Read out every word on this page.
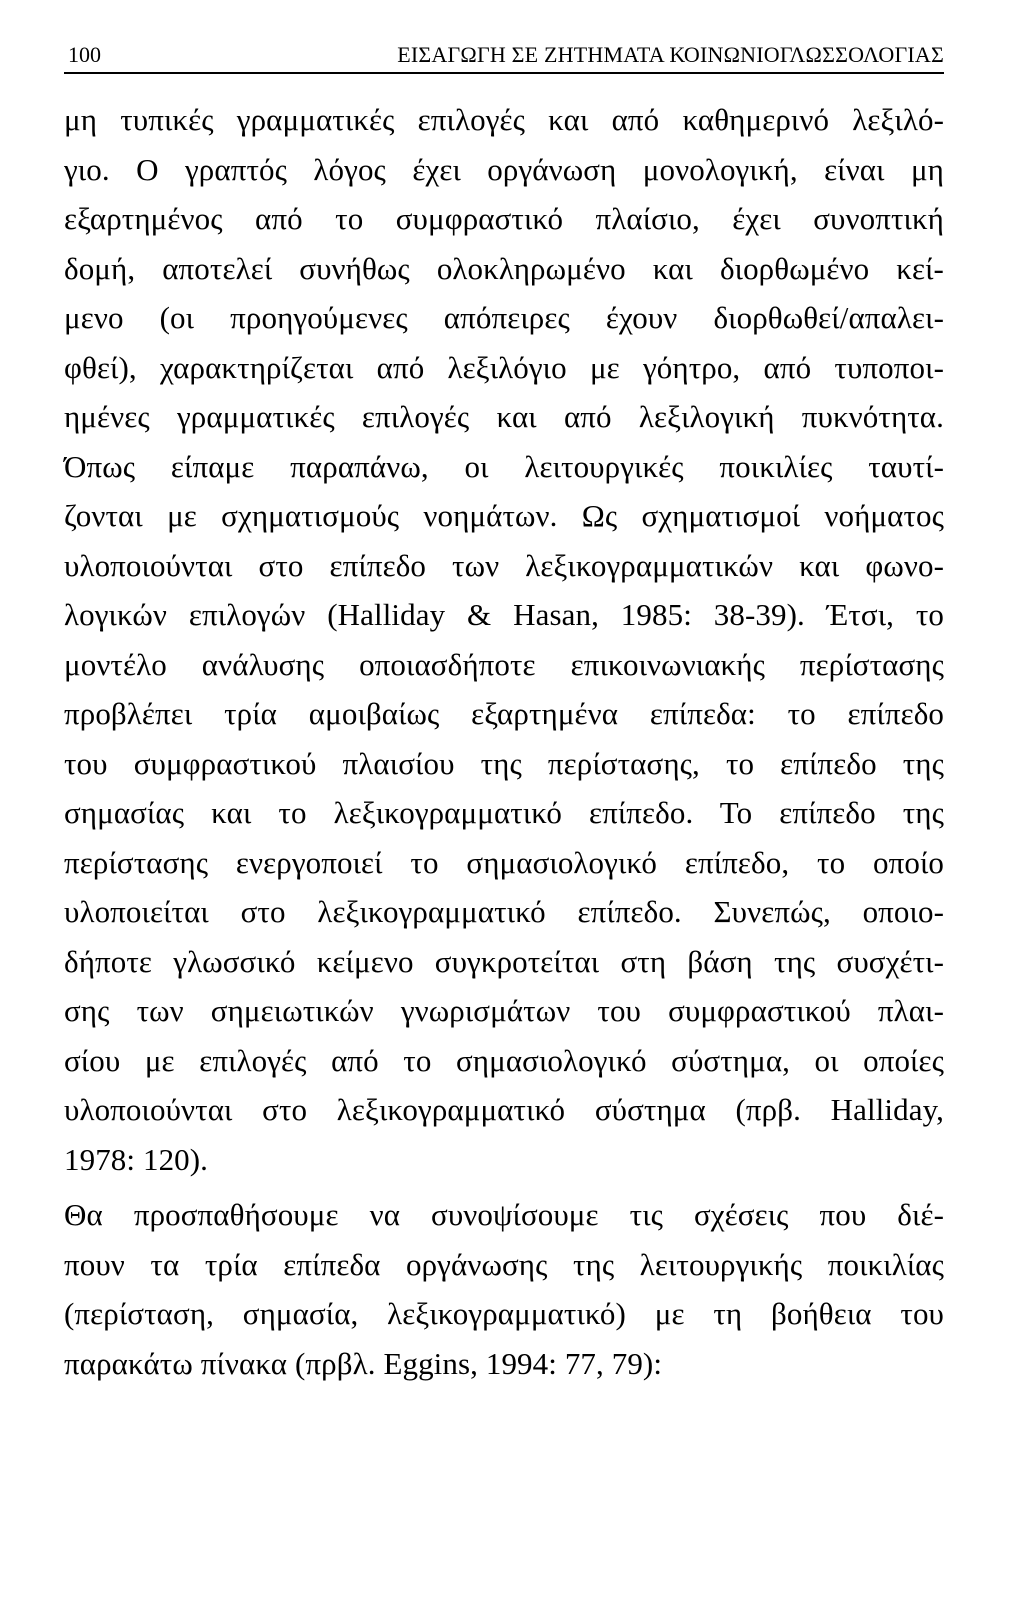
100	ΕΙΣΑΓΩΓΗ ΣΕ ΖΗΤΗΜΑΤΑ ΚΟΙΝΩΝΙΟΓΛΩΣΣΟΛΟΓΙΑΣ
μη τυπικές γραμματικές επιλογές και από καθημερινό λεξιλό-
γιο. Ο γραπτός λόγος έχει οργάνωση μονολογική, είναι μη
εξαρτημένος από το συμφραστικό πλαίσιο, έχει συνοπτική
δομή, αποτελεί συνήθως ολοκληρωμένο και διορθωμένο κεί-
μενο (οι προηγούμενες απόπειρες έχουν διορθωθεί/απαλει-
φθεί), χαρακτηρίζεται από λεξιλόγιο με γόητρο, από τυποποι-
ημένες γραμματικές επιλογές και από λεξιλογική πυκνότητα.
Όπως είπαμε παραπάνω, οι λειτουργικές ποικιλίες ταυτί-
ζονται με σχηματισμούς νοημάτων. Ως σχηματισμοί νοήματος
υλοποιούνται στο επίπεδο των λεξικογραμματικών και φωνο-
λογικών επιλογών (Halliday & Hasan, 1985: 38-39). Έτσι, το
μοντέλο ανάλυσης οποιασδήποτε επικοινωνιακής περίστασης
προβλέπει τρία αμοιβαίως εξαρτημένα επίπεδα: το επίπεδο
του συμφραστικού πλαισίου της περίστασης, το επίπεδο της
σημασίας και το λεξικογραμματικό επίπεδο. Το επίπεδο της
περίστασης ενεργοποιεί το σημασιολογικό επίπεδο, το οποίο
υλοποιείται στο λεξικογραμματικό επίπεδο. Συνεπώς, οποιο-
δήποτε γλωσσικό κείμενο συγκροτείται στη βάση της συσχέτι-
σης των σημειωτικών γνωρισμάτων του συμφραστικού πλαι-
σίου με επιλογές από το σημασιολογικό σύστημα, οι οποίες
υλοποιούνται στο λεξικογραμματικό σύστημα (πρβ. Halliday,
1978: 120).
Θα προσπαθήσουμε να συνοψίσουμε τις σχέσεις που διέ-
πουν τα τρία επίπεδα οργάνωσης της λειτουργικής ποικιλίας
(περίσταση, σημασία, λεξικογραμματικό) με τη βοήθεια του
παρακάτω πίνακα (πρβλ. Eggins, 1994: 77, 79):
